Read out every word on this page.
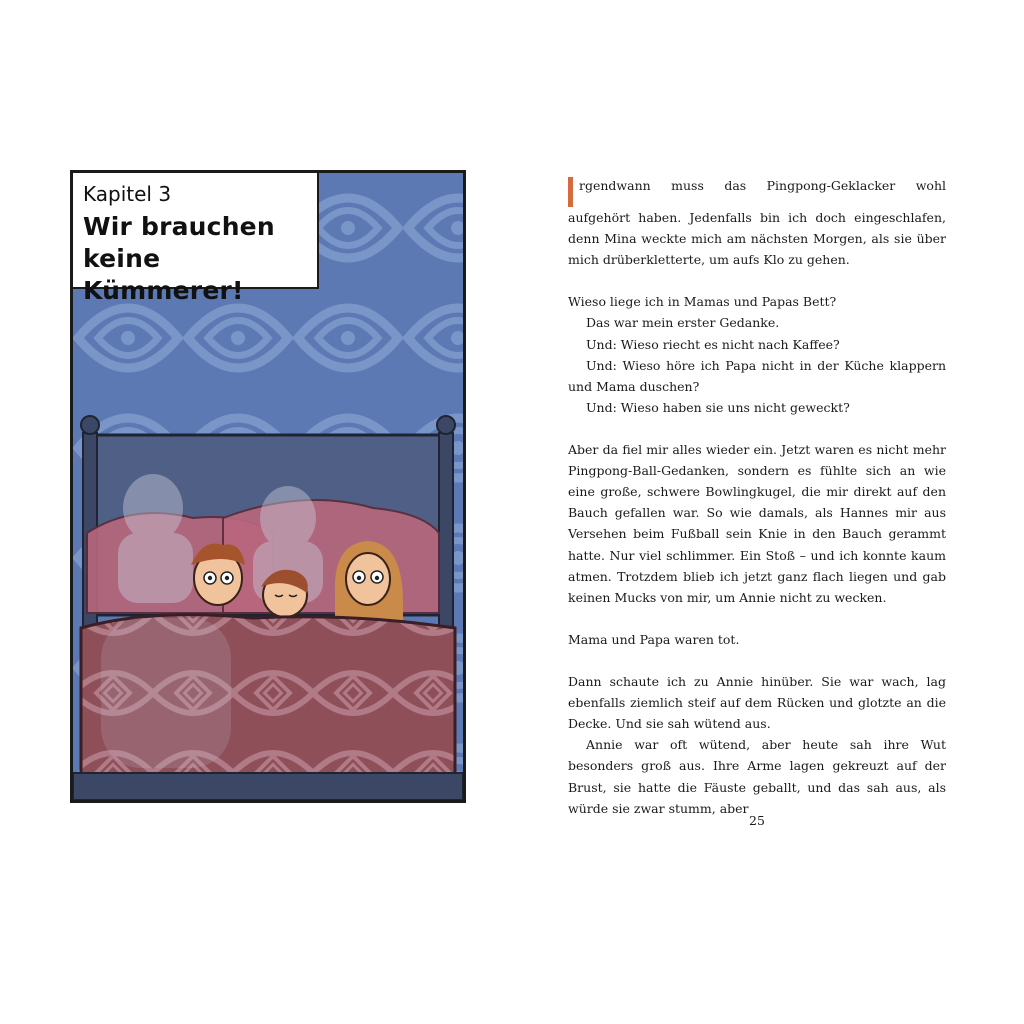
Kapitel 3

Wir brauchen
keine Kümmerer!

rgendwann muss das Pingpong-Geklacker wohl aufgehört haben. Jedenfalls bin ich doch eingeschlafen, denn Mina weckte mich am nächsten Morgen, als sie über mich drüberkletterte, um aufs Klo zu gehen.

Wieso liege ich in Mamas und Papas Bett?

Das war mein erster Gedanke.

Und: Wieso riecht es nicht nach Kaffee?

Und: Wieso höre ich Papa nicht in der Küche klappern und Mama duschen?

Und: Wieso haben sie uns nicht geweckt?

Aber da fiel mir alles wieder ein. Jetzt waren es nicht mehr Pingpong-Ball-Gedanken, sondern es fühlte sich an wie eine große, schwere Bowlingkugel, die mir direkt auf den Bauch gefallen war. So wie damals, als Hannes mir aus Versehen beim Fußball sein Knie in den Bauch gerammt hatte. Nur viel schlimmer. Ein Stoß – und ich konnte kaum atmen. Trotzdem blieb ich jetzt ganz flach liegen und gab keinen Mucks von mir, um Annie nicht zu wecken.

Mama und Papa waren tot.

Dann schaute ich zu Annie hinüber. Sie war wach, lag ebenfalls ziemlich steif auf dem Rücken und glotzte an die Decke. Und sie sah wütend aus.

Annie war oft wütend, aber heute sah ihre Wut besonders groß aus. Ihre Arme lagen gekreuzt auf der Brust, sie hatte die Fäuste geballt, und das sah aus, als würde sie zwar stumm, aber

25
